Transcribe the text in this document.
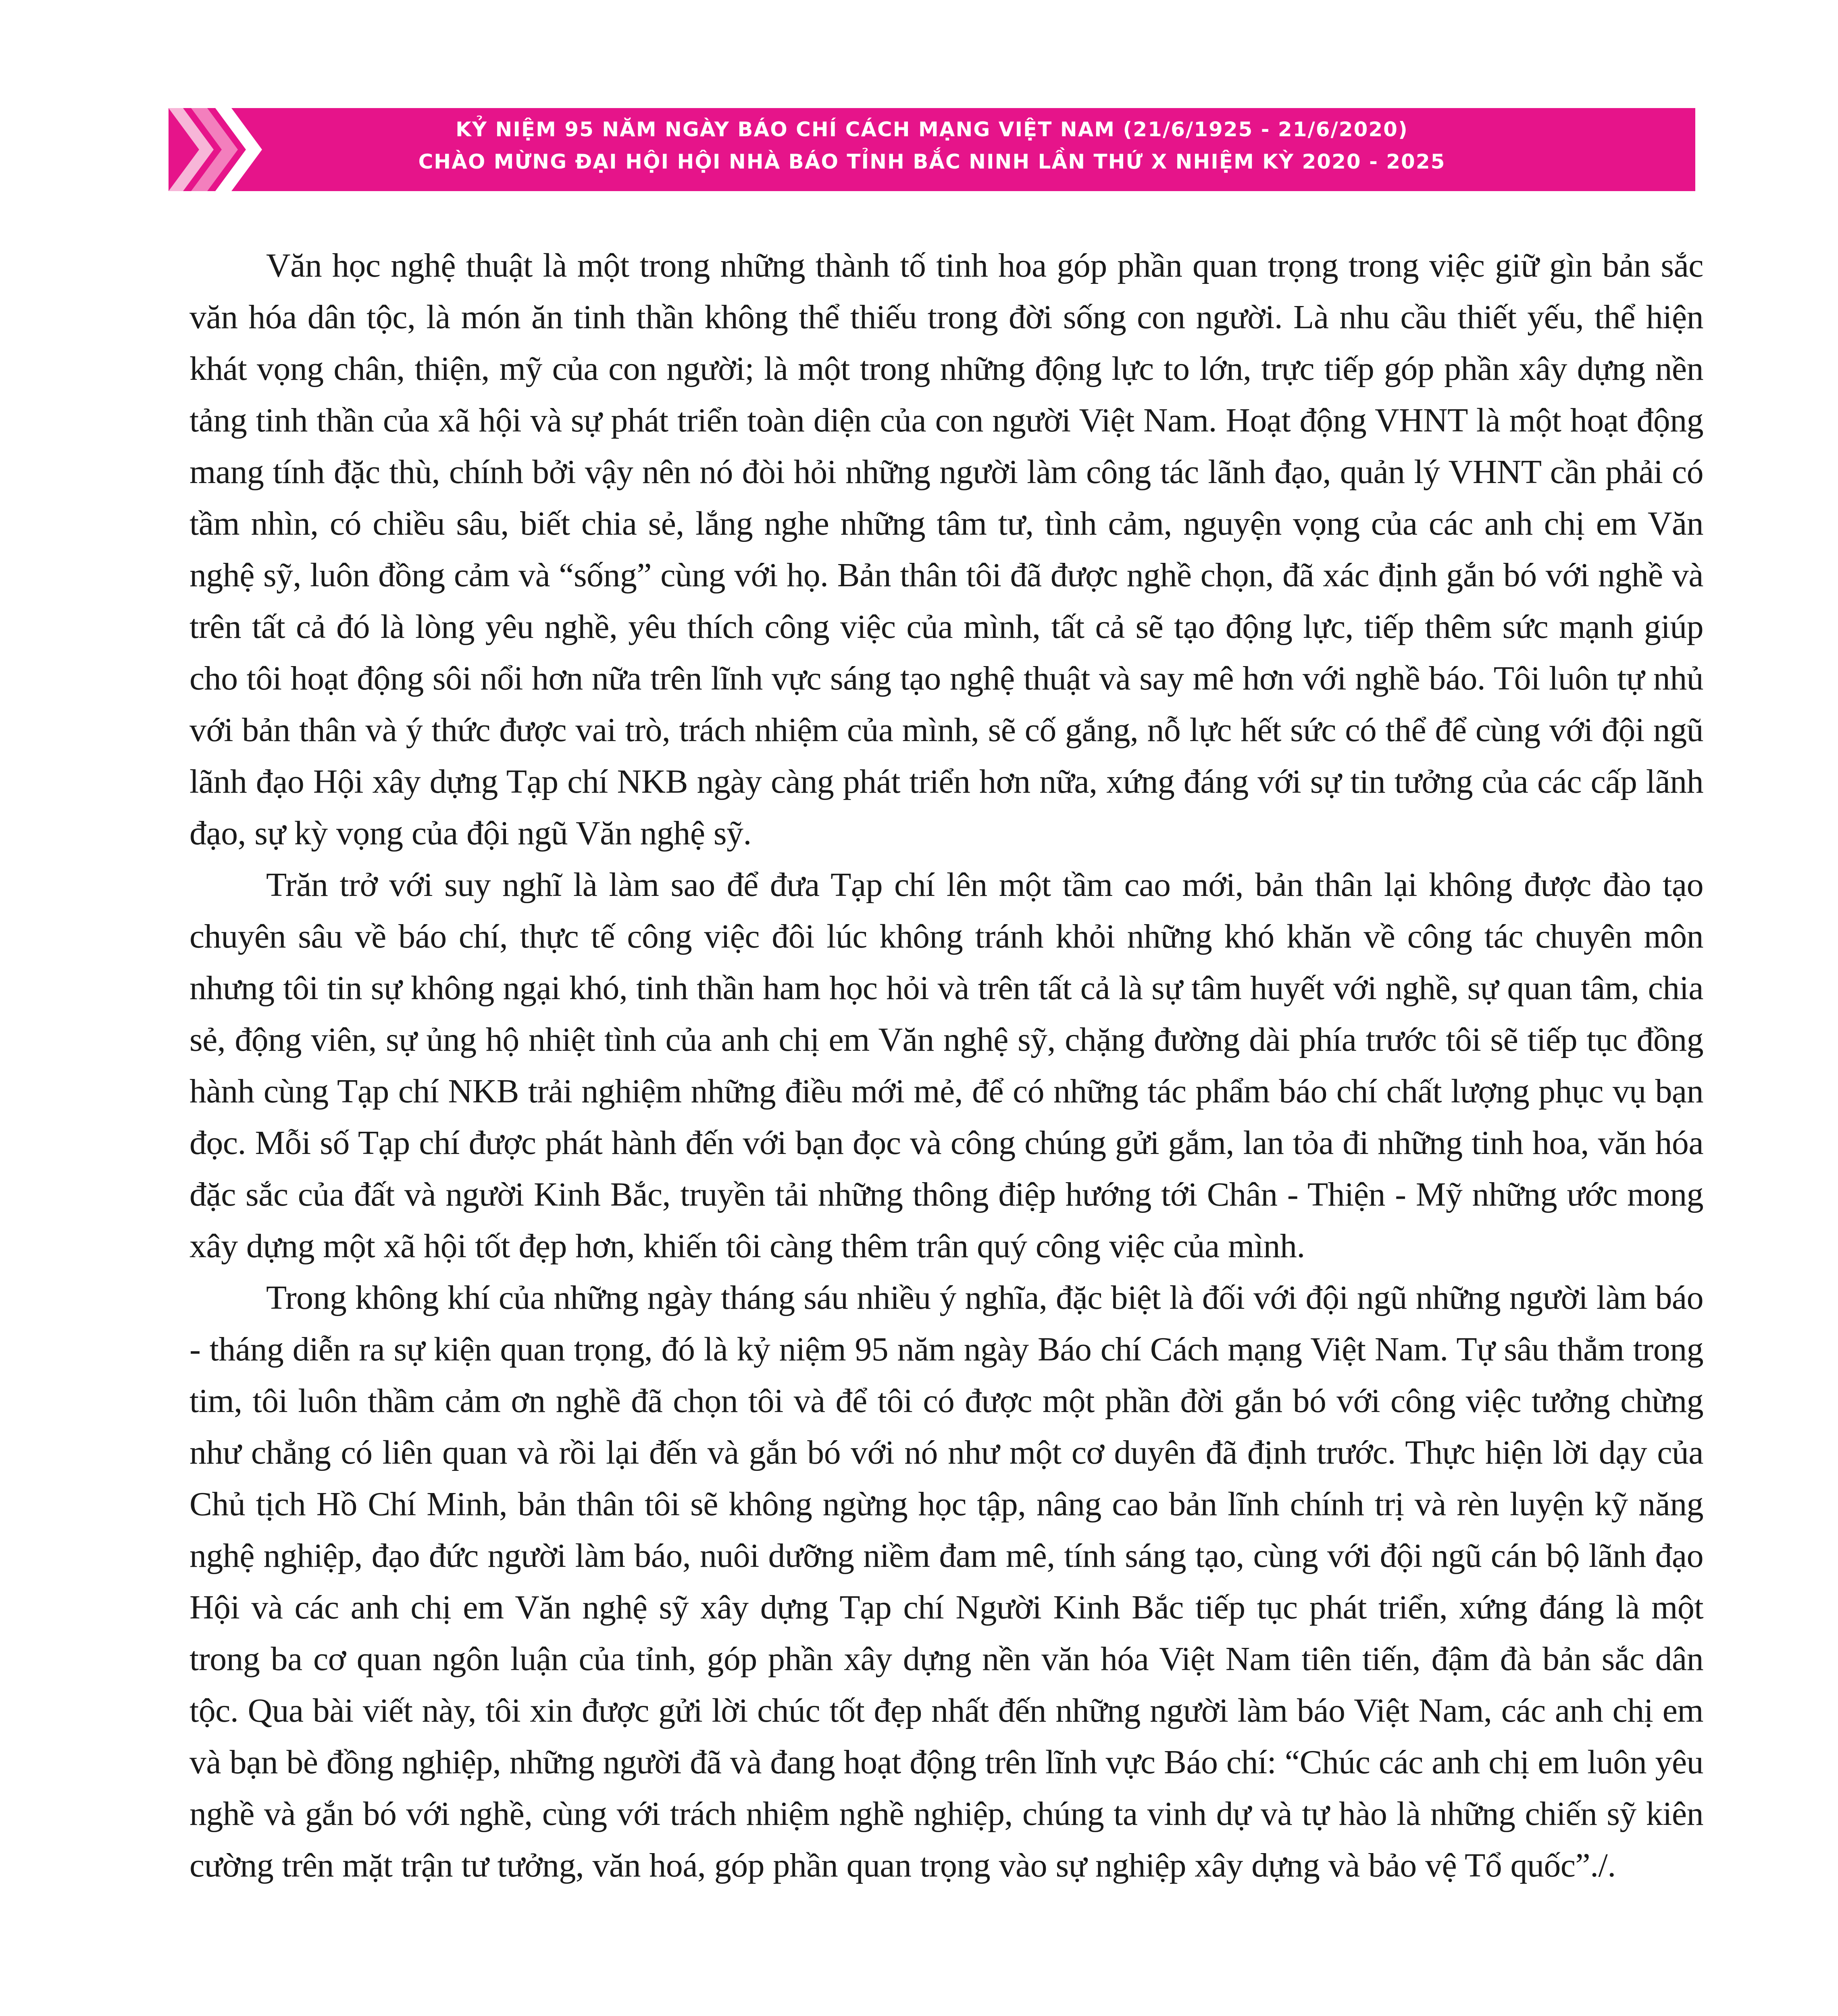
KỶ NIỆM 95 NĂM NGÀY BÁO CHÍ CÁCH MẠNG VIỆT NAM (21/6/1925 - 21/6/2020)
CHÀO MỪNG ĐẠI HỘI HỘI NHÀ BÁO TỈNH BẮC NINH LẦN THỨ X NHIỆM KỲ 2020 - 2025

Văn học nghệ thuật là một trong những thành tố tinh hoa góp phần quan trọng trong việc giữ gìn bản sắc văn hóa dân tộc, là món ăn tinh thần không thể thiếu trong đời sống con người. Là nhu cầu thiết yếu, thể hiện khát vọng chân, thiện, mỹ của con người; là một trong những động lực to lớn, trực tiếp góp phần xây dựng nền tảng tinh thần của xã hội và sự phát triển toàn diện của con người Việt Nam. Hoạt động VHNT là một hoạt động mang tính đặc thù, chính bởi vậy nên nó đòi hỏi những người làm công tác lãnh đạo, quản lý VHNT cần phải có tầm nhìn, có chiều sâu, biết chia sẻ, lắng nghe những tâm tư, tình cảm, nguyện vọng của các anh chị em Văn nghệ sỹ, luôn đồng cảm và “sống” cùng với họ. Bản thân tôi đã được nghề chọn, đã xác định gắn bó với nghề và trên tất cả đó là lòng yêu nghề, yêu thích công việc của mình, tất cả sẽ tạo động lực, tiếp thêm sức mạnh giúp cho tôi hoạt động sôi nổi hơn nữa trên lĩnh vực sáng tạo nghệ thuật và say mê hơn với nghề báo. Tôi luôn tự nhủ với bản thân và ý thức được vai trò, trách nhiệm của mình, sẽ cố gắng, nỗ lực hết sức có thể để cùng với đội ngũ lãnh đạo Hội xây dựng Tạp chí NKB ngày càng phát triển hơn nữa, xứng đáng với sự tin tưởng của các cấp lãnh đạo, sự kỳ vọng của đội ngũ Văn nghệ sỹ.

Trăn trở với suy nghĩ là làm sao để đưa Tạp chí lên một tầm cao mới, bản thân lại không được đào tạo chuyên sâu về báo chí, thực tế công việc đôi lúc không tránh khỏi những khó khăn về công tác chuyên môn nhưng tôi tin sự không ngại khó, tinh thần ham học hỏi và trên tất cả là sự tâm huyết với nghề, sự quan tâm, chia sẻ, động viên, sự ủng hộ nhiệt tình của anh chị em Văn nghệ sỹ, chặng đường dài phía trước tôi sẽ tiếp tục đồng hành cùng Tạp chí NKB trải nghiệm những điều mới mẻ, để có những tác phẩm báo chí chất lượng phục vụ bạn đọc. Mỗi số Tạp chí được phát hành đến với bạn đọc và công chúng gửi gắm, lan tỏa đi những tinh hoa, văn hóa đặc sắc của đất và người Kinh Bắc, truyền tải những thông điệp hướng tới Chân - Thiện - Mỹ những ước mong xây dựng một xã hội tốt đẹp hơn, khiến tôi càng thêm trân quý công việc của mình.

Trong không khí của những ngày tháng sáu nhiều ý nghĩa, đặc biệt là đối với đội ngũ những người làm báo - tháng diễn ra sự kiện quan trọng, đó là kỷ niệm 95 năm ngày Báo chí Cách mạng Việt Nam. Tự sâu thẳm trong tim, tôi luôn thầm cảm ơn nghề đã chọn tôi và để tôi có được một phần đời gắn bó với công việc tưởng chừng như chẳng có liên quan và rồi lại đến và gắn bó với nó như một cơ duyên đã định trước. Thực hiện lời dạy của Chủ tịch Hồ Chí Minh, bản thân tôi sẽ không ngừng học tập, nâng cao bản lĩnh chính trị và rèn luyện kỹ năng nghệ nghiệp, đạo đức người làm báo, nuôi dưỡng niềm đam mê, tính sáng tạo, cùng với đội ngũ cán bộ lãnh đạo Hội và các anh chị em Văn nghệ sỹ xây dựng Tạp chí Người Kinh Bắc tiếp tục phát triển, xứng đáng là một trong ba cơ quan ngôn luận của tỉnh, góp phần xây dựng nền văn hóa Việt Nam tiên tiến, đậm đà bản sắc dân tộc. Qua bài viết này, tôi xin được gửi lời chúc tốt đẹp nhất đến những người làm báo Việt Nam, các anh chị em và bạn bè đồng nghiệp, những người đã và đang hoạt động trên lĩnh vực Báo chí: “Chúc các anh chị em luôn yêu nghề và gắn bó với nghề, cùng với trách nhiệm nghề nghiệp, chúng ta vinh dự và tự hào là những chiến sỹ kiên cường trên mặt trận tư tưởng, văn hoá, góp phần quan trọng vào sự nghiệp xây dựng và bảo vệ Tổ quốc”./.
